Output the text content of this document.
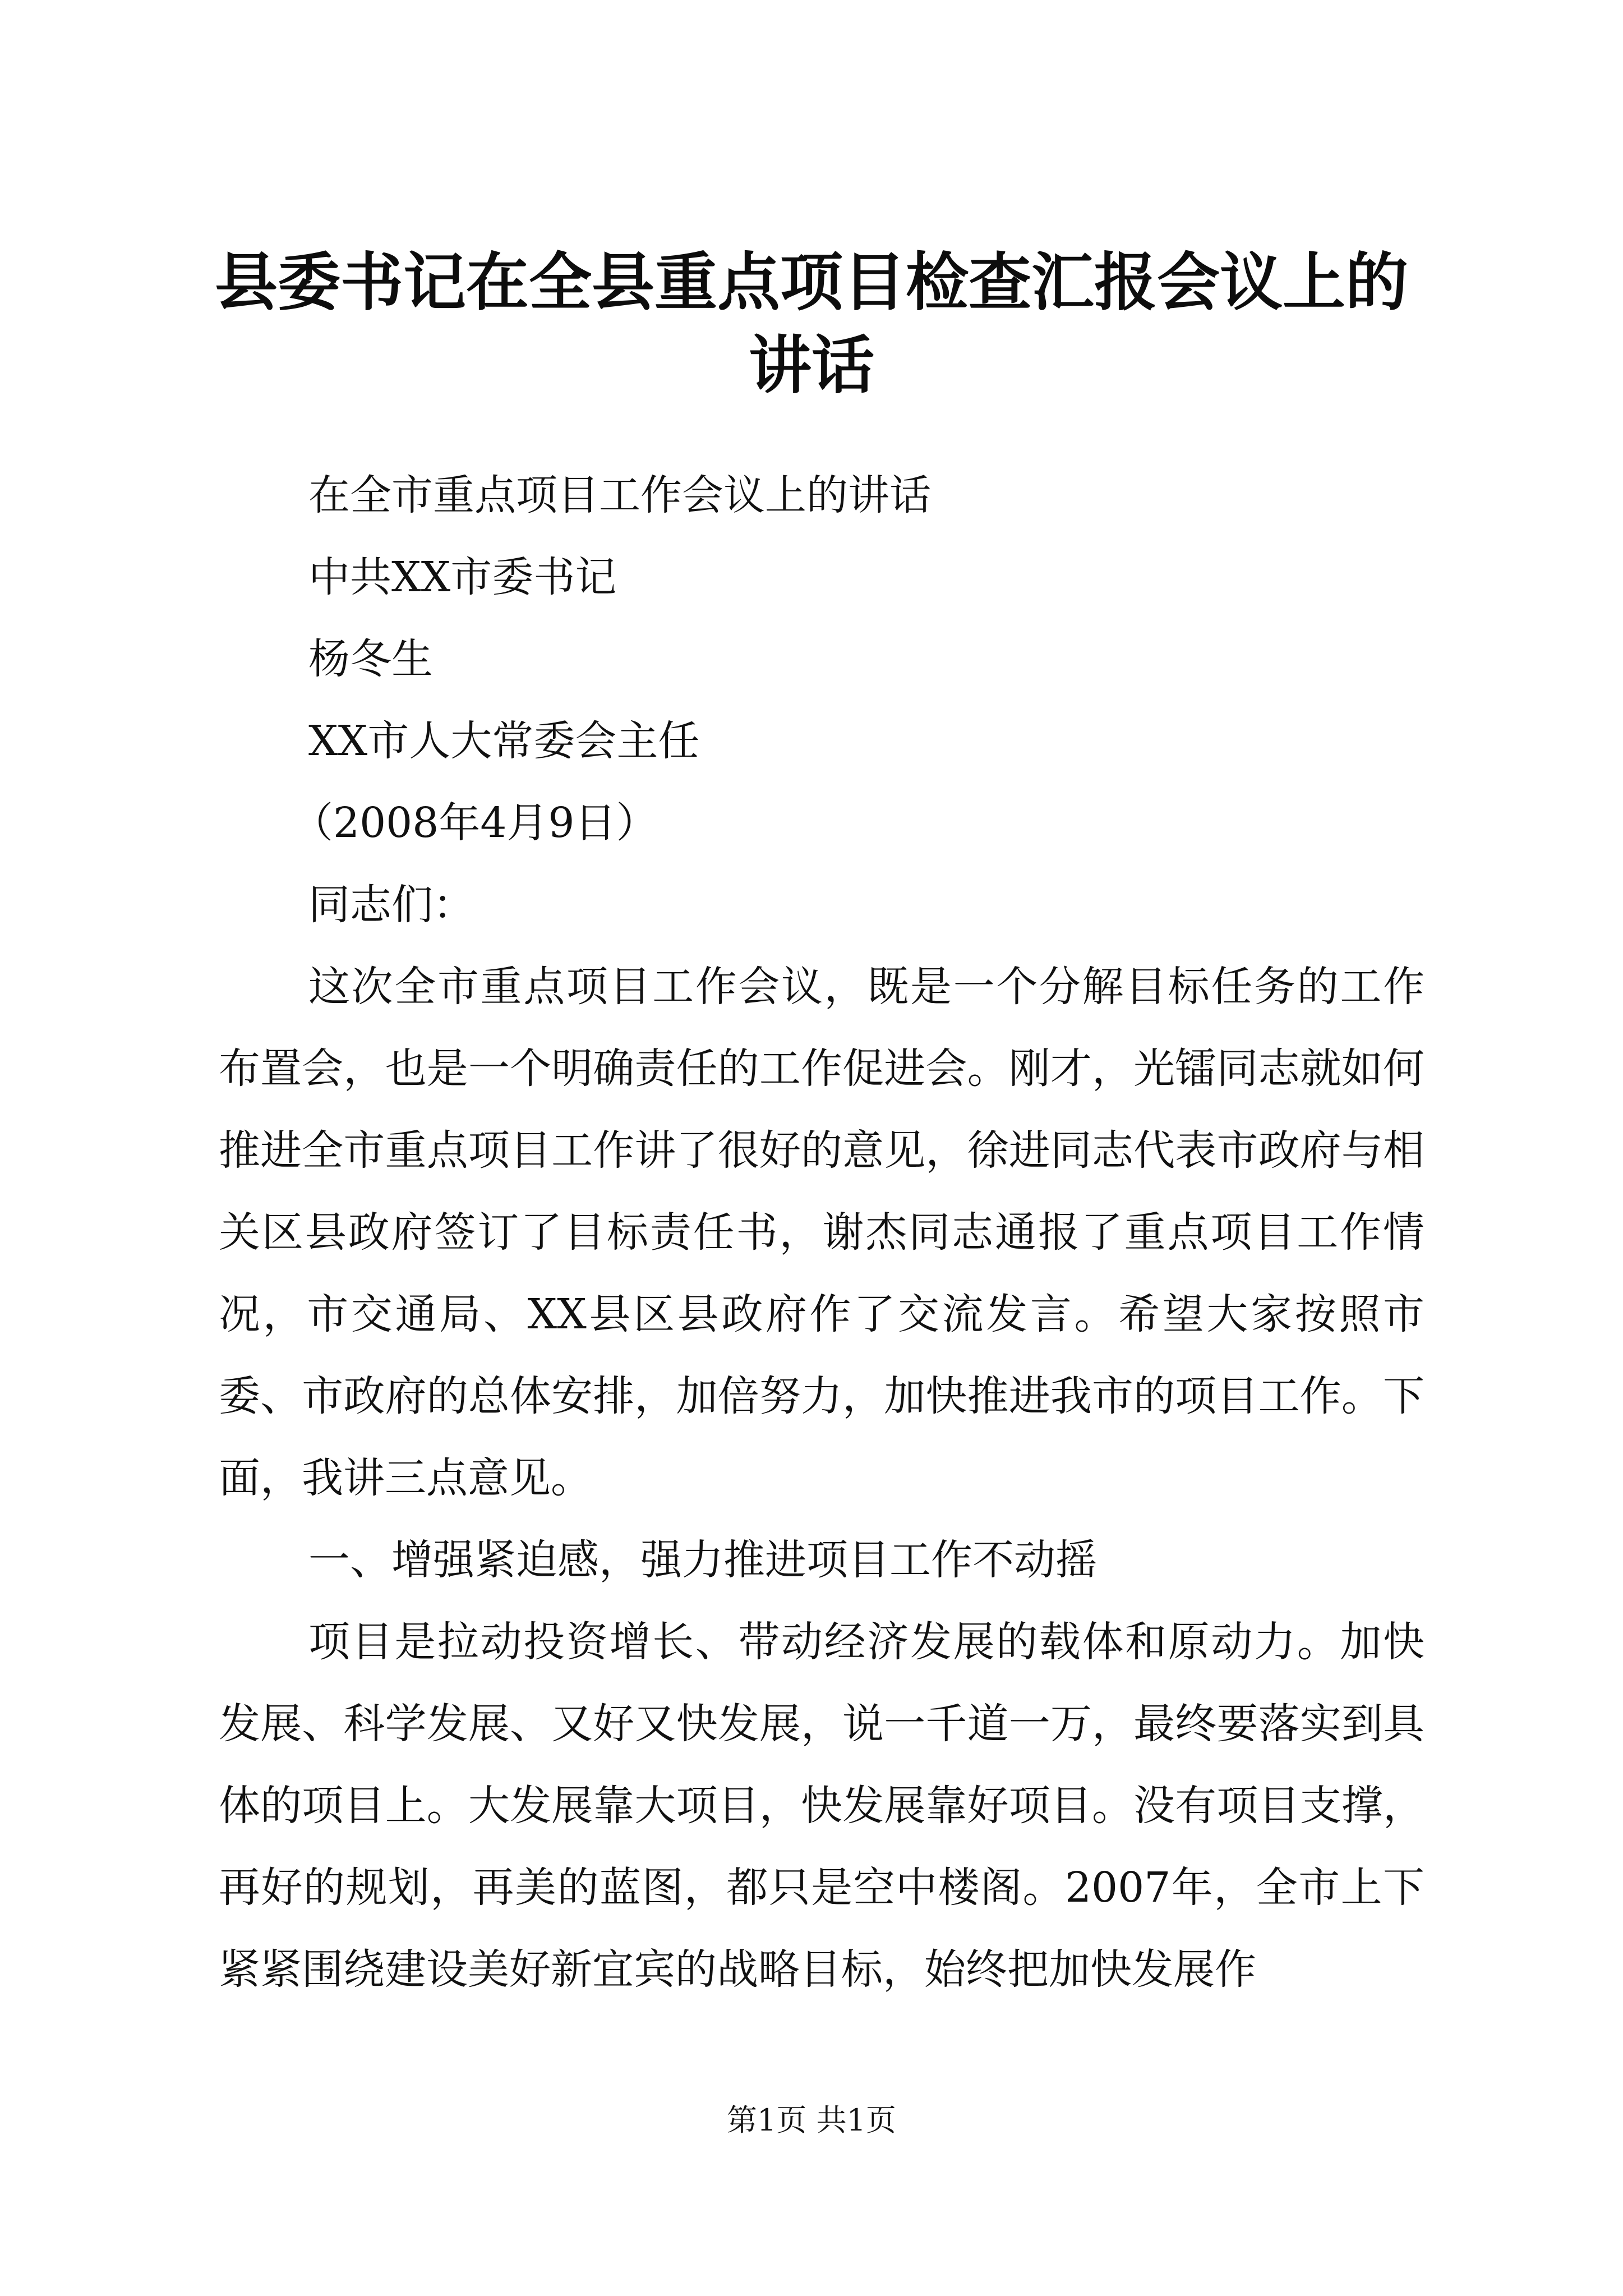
县委书记在全县重点项目检查汇报会议上的讲话

在全市重点项目工作会议上的讲话

中共XX市委书记

杨冬生

XX市人大常委会主任

（2008年4月9日）

同志们：

这次全市重点项目工作会议，既是一个分解目标任务的工作布置会，也是一个明确责任的工作促进会。刚才，光镭同志就如何推进全市重点项目工作讲了很好的意见，徐进同志代表市政府与相关区县政府签订了目标责任书，谢杰同志通报了重点项目工作情况，市交通局、XX县区县政府作了交流发言。希望大家按照市委、市政府的总体安排，加倍努力，加快推进我市的项目工作。下面，我讲三点意见。

一、增强紧迫感，强力推进项目工作不动摇

项目是拉动投资增长、带动经济发展的载体和原动力。加快发展、科学发展、又好又快发展，说一千道一万，最终要落实到具体的项目上。大发展靠大项目，快发展靠好项目。没有项目支撑，再好的规划，再美的蓝图，都只是空中楼阁。2007年，全市上下紧紧围绕建设美好新宜宾的战略目标，始终把加快发展作

第1页 共1页
